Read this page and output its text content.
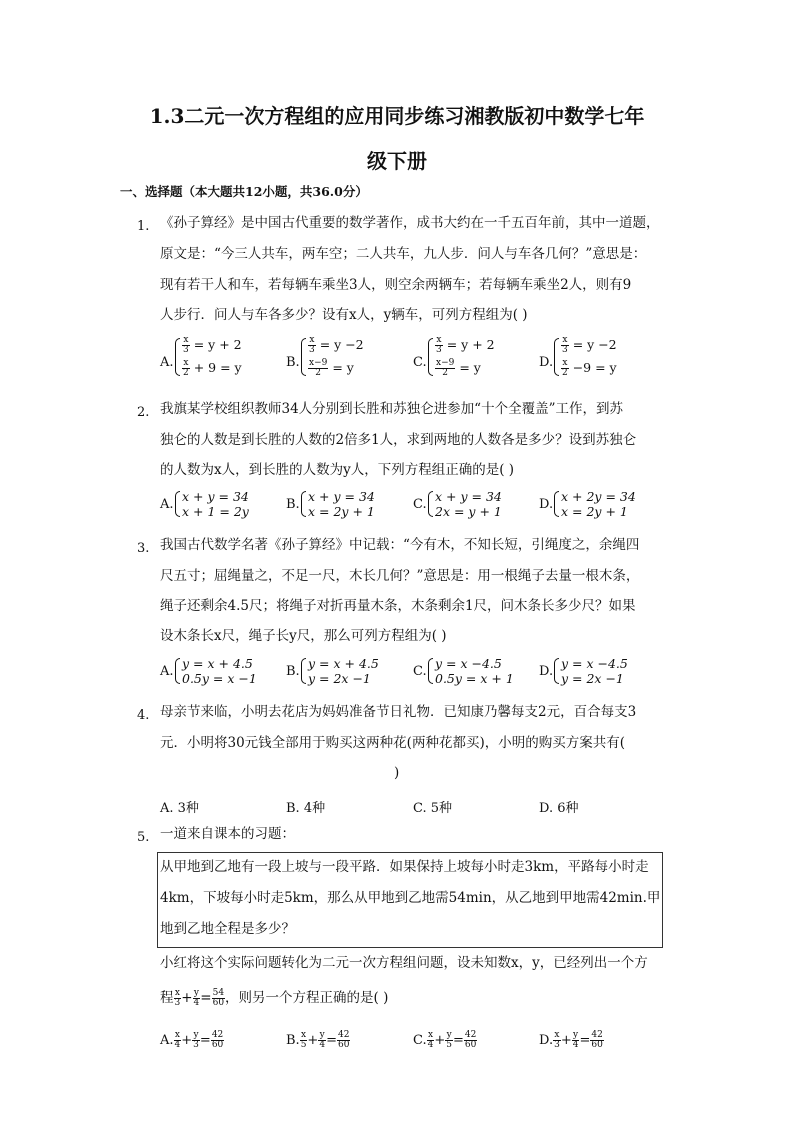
1.3二元一次方程组的应用同步练习湘教版初中数学七年
级下册
一、选择题（本大题共12小题，共36.0分）
1. 《孙子算经》是中国古代重要的数学著作，成书大约在一千五百年前，其中一道题，
原文是：“今三人共车，两车空；二人共车，九人步．问人与车各几何？”意思是：
现有若干人和车，若每辆车乘坐3人，则空余两辆车；若每辆车乘坐2人，则有9
人步行．问人与车各多少？设有x人，y辆车，可列方程组为( )
A.
$\frac{x}{3} = y + 2$
$\frac{x}{2} + 9 = y$	B.
$\frac{x}{3} = y -2$
$\frac{x-9}{2} = y$	C.
$\frac{x}{3} = y + 2$
$\frac{x-9}{2} = y$	D.
$\frac{x}{3} = y -2$
$\frac{x}{2} -9 = y$
2. 我旗某学校组织教师34人分别到长胜和苏独仑进参加“十个全覆盖”工作，到苏
独仑的人数是到长胜的人数的2倍多1人，求到两地的人数各是多少？设到苏独仑
的人数为x人，到长胜的人数为y人，下列方程组正确的是( )
A.
x + y = 34
x + 1 = 2y	B.
x + y = 34
x = 2y + 1	C.
x + y = 34
2x = y + 1	D.
x + 2y = 34
x = 2y + 1
3. 我国古代数学名著《孙子算经》中记载：“今有木，不知长短，引绳度之，余绳四
尺五寸；屈绳量之，不足一尺，木长几何？”意思是：用一根绳子去量一根木条，
绳子还剩余4.5尺；将绳子对折再量木条，木条剩余1尺，问木条长多少尺？如果
设木条长x尺，绳子长y尺，那么可列方程组为( )
A.
y = x + 4.5
0.5y = x −1 B.
y = x + 4.5
y = 2x −1	C.
y = x −4.5
0.5y = x + 1 D.
y = x −4.5
y = 2x −1
4. 母亲节来临，小明去花店为妈妈准备节日礼物．已知康乃馨每支2元，百合每支3
元．小明将30元钱全部用于购买这两种花(两种花都买)，小明的购买方案共有(
)
A. 3种	B. 4种	C. 5种	D. 6种
5. 一道来自课本的习题：
从甲地到乙地有一段上坡与一段平路．如果保持上坡每小时走3km，平路每小时走
4km，下坡每小时走5km，那么从甲地到乙地需54min，从乙地到甲地需42min.甲
地到乙地全程是多少？
小红将这个实际问题转化为二元一次方程组问题，设未知数x，y，已经列出一个方
程 $\frac{x}{3} + \frac{y}{4} = \frac{54}{60}$ ，则另一个方程正确的是( )
A. $\frac{x}{4} + \frac{y}{3} = \frac{42}{60}$	B. $\frac{x}{5} + \frac{y}{4} = \frac{42}{60}$	C. $\frac{x}{4} + \frac{y}{5} = \frac{42}{60}$	D. $\frac{x}{3} + \frac{y}{4} = \frac{42}{60}$
